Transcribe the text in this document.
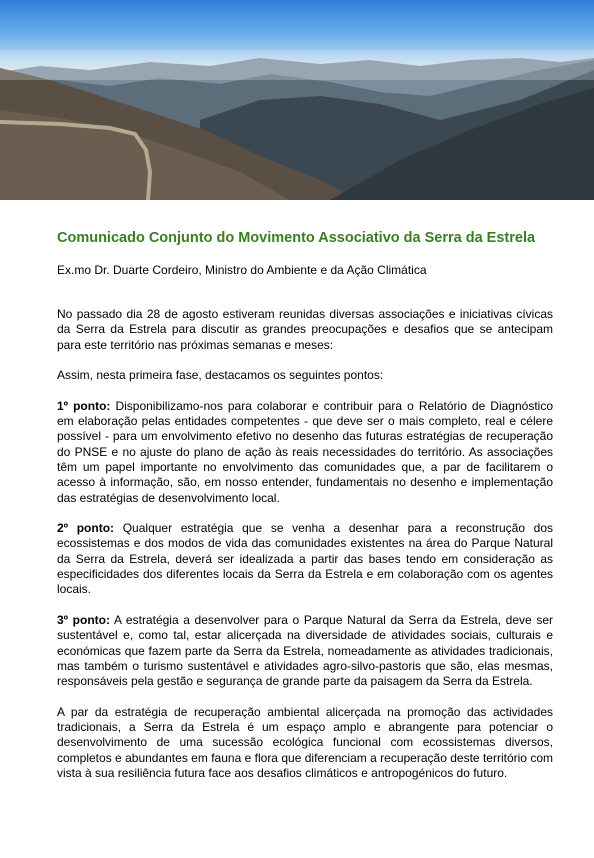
Comunicado Conjunto do Movimento Associativo da Serra da Estrela
Ex.mo Dr. Duarte Cordeiro, Ministro do Ambiente e da Ação Climática

No passado dia 28 de agosto estiveram reunidas diversas associações e iniciativas cívicas da Serra da Estrela para discutir as grandes preocupações e desafios que se antecipam para este território nas próximas semanas e meses:

Assim, nesta primeira fase, destacamos os seguintes pontos:

1º ponto: Disponibilizamo-nos para colaborar e contribuir para o Relatório de Diagnóstico em elaboração pelas entidades competentes - que deve ser o mais completo, real e célere possível - para um envolvimento efetivo no desenho das futuras estratégias de recuperação do PNSE e no ajuste do plano de ação às reais necessidades do território. As associações têm um papel importante no envolvimento das comunidades que, a par de facilitarem o acesso à informação, são, em nosso entender, fundamentais no desenho e implementação das estratégias de desenvolvimento local.

2º ponto: Qualquer estratégia que se venha a desenhar para a reconstrução dos ecossistemas e dos modos de vida das comunidades existentes na área do Parque Natural da Serra da Estrela, deverá ser idealizada a partir das bases tendo em consideração as especificidades dos diferentes locais da Serra da Estrela e em colaboração com os agentes locais.

3º ponto: A estratégia a desenvolver para o Parque Natural da Serra da Estrela, deve ser sustentável e, como tal, estar alicerçada na diversidade de atividades sociais, culturais e económicas que fazem parte da Serra da Estrela, nomeadamente as atividades tradicionais, mas também o turismo sustentável e atividades agro-silvo-pastoris que são, elas mesmas, responsáveis pela gestão e segurança de grande parte da paisagem da Serra da Estrela.

A par da estratégia de recuperação ambiental alicerçada na promoção das actividades tradicionais, a Serra da Estrela é um espaço amplo e abrangente para potenciar o desenvolvimento de uma sucessão ecológica funcional com ecossistemas diversos, completos e abundantes em fauna e flora que diferenciam a recuperação deste território com vista à sua resiliência futura face aos desafios climáticos e antropogénicos do futuro.
